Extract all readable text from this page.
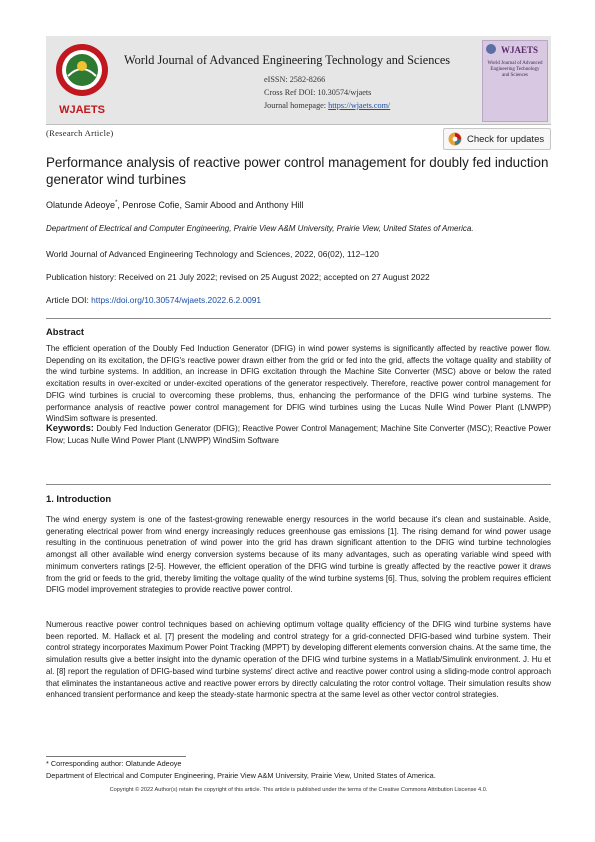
WJAETS
World Journal of Advanced Engineering Technology and Sciences
eISSN: 2582-8266
Cross Ref DOI: 10.30574/wjaets
Journal homepage: https://wjaets.com/
WJAETS
World Journal of Advanced Engineering Technology and Sciences
(Research Article)
Check for updates
Performance analysis of reactive power control management for doubly fed induction generator wind turbines
Olatunde Adeoye*, Penrose Cofie, Samir Abood and Anthony Hill
Department of Electrical and Computer Engineering, Prairie View A&M University, Prairie View, United States of America.
World Journal of Advanced Engineering Technology and Sciences, 2022, 06(02), 112–120
Publication history: Received on 21 July 2022; revised on 25 August 2022; accepted on 27 August 2022
Article DOI: https://doi.org/10.30574/wjaets.2022.6.2.0091
Abstract

The efficient operation of the Doubly Fed Induction Generator (DFIG) in wind power systems is significantly affected by reactive power flow. Depending on its excitation, the DFIG's reactive power drawn either from the grid or fed into the grid, affects the voltage quality and stability of the wind turbine systems. In addition, an increase in DFIG excitation through the Machine Site Converter (MSC) above or below the rated excitation results in over-excited or under-excited operations of the generator respectively. Therefore, reactive power control management for DFIG wind turbines is crucial to overcoming these problems, thus, enhancing the performance of the DFIG wind turbine systems. The performance analysis of reactive power control management for DFIG wind turbines using the Lucas Nulle Wind Power Plant (LNWPP) WindSim software is presented.

Keywords: Doubly Fed Induction Generator (DFIG); Reactive Power Control Management; Machine Site Converter (MSC); Reactive Power Flow; Lucas Nulle Wind Power Plant (LNWPP) WindSim Software
1. Introduction

The wind energy system is one of the fastest-growing renewable energy resources in the world because it's clean and sustainable. Aside, generating electrical power from wind energy increasingly reduces greenhouse gas emissions [1]. The rising demand for wind power usage resulting in the continuous penetration of wind power into the grid has drawn significant attention to the DFIG wind turbine technologies amongst all other available wind energy conversion systems because of its many advantages, such as operating variable wind speed with minimum converters ratings [2-5]. However, the efficient operation of the DFIG wind turbine is greatly affected by the reactive power it draws from the grid or feeds to the grid, thereby limiting the voltage quality of the wind turbine systems [6]. Thus, solving the problem requires efficient DFIG model improvement strategies to provide reactive power control.

Numerous reactive power control techniques based on achieving optimum voltage quality efficiency of the DFIG wind turbine systems have been reported. M. Hallack et al. [7] present the modeling and control strategy for a grid-connected DFIG-based wind turbine system. Their control strategy incorporates Maximum Power Point Tracking (MPPT) by developing different elements conversion chains. At the same time, the simulation results give a better insight into the dynamic operation of the DFIG wind turbine systems in a Matlab/Simulink environment. J. Hu et al. [8] report the regulation of DFIG-based wind turbine systems' direct active and reactive power control using a sliding-mode control approach that eliminates the instantaneous active and reactive power errors by directly calculating the rotor control voltage. Their simulation results show enhanced transient performance and keep the steady-state harmonic spectra at the same level as other vector control strategies.

* Corresponding author: Olatunde Adeoye
Department of Electrical and Computer Engineering, Prairie View A&M University, Prairie View, United States of America.
Copyright © 2022 Author(s) retain the copyright of this article. This article is published under the terms of the Creative Commons Attribution Liscense 4.0.
